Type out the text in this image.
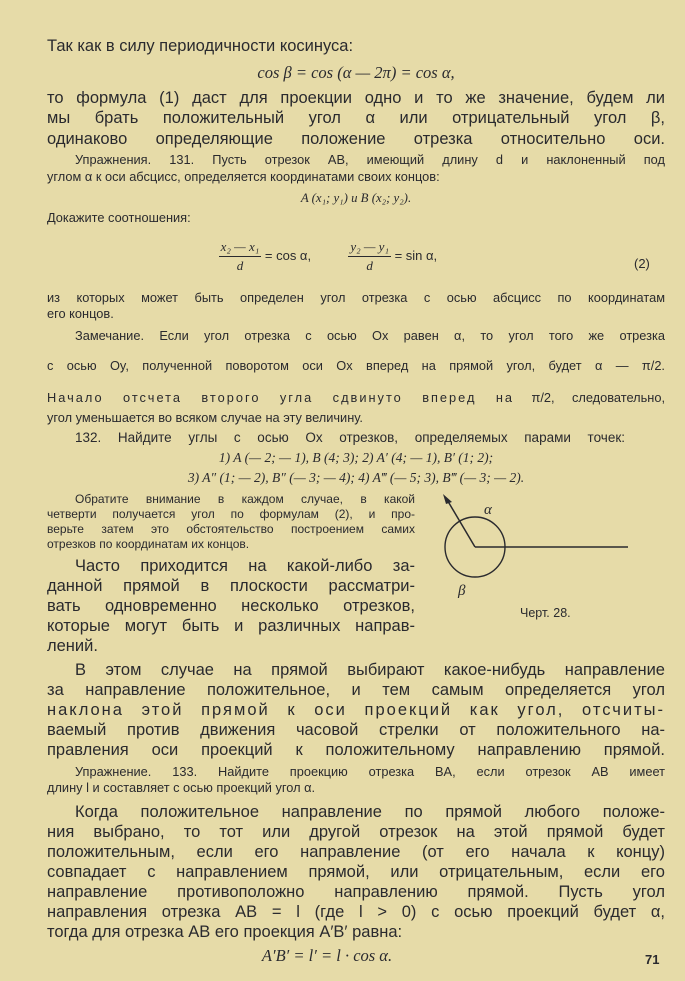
Так как в силу периодичности косинуса:
cos β = cos (α — 2π) = cos α,
то формула (1) даст для проекции одно и то же значение, будем ли
мы брать положительный угол α или отрицательный угол β,
одинаково определяющие положение отрезка относительно оси.
Упражнения. 131. Пусть отрезок AB, имеющий длину d и наклоненный под
углом α к оси абсцисс, определяется координатами своих концов:
A (x₁; y₁) и B (x₂; y₂).
Докажите соотношения:

$\frac{\text{x₂ — x₁}}{d} = \cos \alpha$,	$\frac{\text{y₂ — y₁}}{d} = \sin \alpha$,
(2)
из которых может быть определен угол отрезка с осью абсцисс по координатам
его концов.
Замечание. Если угол отрезка с осью Ox равен α, то угол того же отрезка
с осью Oy, полученной поворотом оси Ox вперед на прямой угол, будет α — π/2.
Начало отсчета второго угла сдвинуто вперед на π/2, следовательно,
угол уменьшается во всяком случае на эту величину.
132. Найдите углы с осью Ox отрезков, определяемых парами точек:
1) A (— 2; — 1), B (4; 3); 2) A′ (4; — 1), B′ (1; 2);
3) A″ (1; — 2), B″ (— 3; — 4); 4) A‴ (— 5; 3), B‴ (— 3; — 2).
Обратите внимание в каждом случае, в какой
четверти получается угол по формулам (2), и про-
верьте затем это обстоятельство построением самих
отрезков по координатам их концов.
Часто приходится на какой-либо за-
данной прямой в плоскости рассматри-
вать одновременно несколько отрезков,
которые могут быть и различных направ-
лений.
α
β
Черт. 28.
В этом случае на прямой выбирают какое-нибудь направление
за направление положительное, и тем самым определяется угол
наклона этой прямой к оси проекций как угол, отсчиты-
ваемый против движения часовой стрелки от положительного на-
правления оси проекций к положительному направлению прямой.
Упражнение. 133. Найдите проекцию отрезка BA, если отрезок AB имеет
длину l и составляет с осью проекций угол α.
Когда положительное направление по прямой любого положе-
ния выбрано, то тот или другой отрезок на этой прямой будет
положительным, если его направление (от его начала к концу)
совпадает с направлением прямой, или отрицательным, если его
направление противоположно направлению прямой. Пусть угол
направления отрезка AB = l (где l > 0) с осью проекций будет α,
тогда для отрезка AB его проекция A′B′ равна:
A′B′ = l′ = l · cos α.	71
